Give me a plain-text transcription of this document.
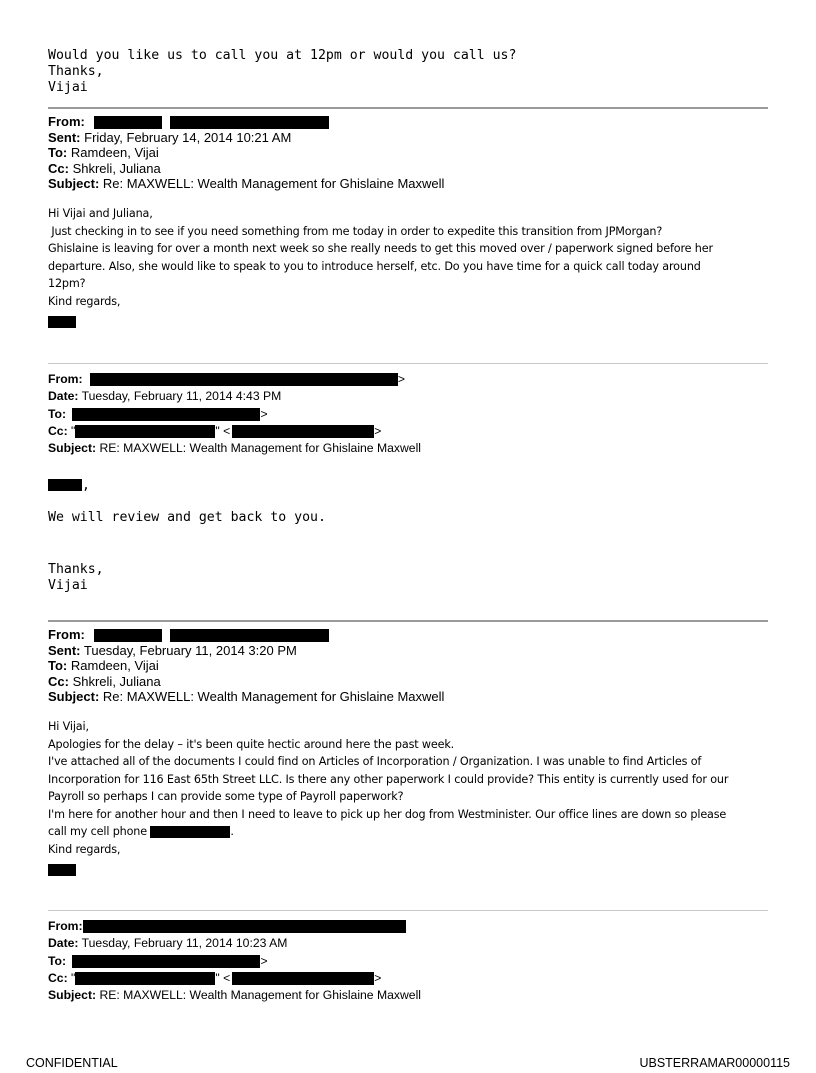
Would you like us to call you at 12pm or would you call us?
Thanks,
Vijai
From:
Sent: Friday, February 14, 2014 10:21 AM
To: Ramdeen, Vijai
Cc: Shkreli, Juliana
Subject: Re: MAXWELL: Wealth Management for Ghislaine Maxwell
Hi Vijai and Juliana,
Just checking in to see if you need something from me today in order to expedite this transition from JPMorgan?
Ghislaine is leaving for over a month next week so she really needs to get this moved over / paperwork signed before her
departure. Also, she would like to speak to you to introduce herself, etc. Do you have time for a quick call today around
12pm?
Kind regards,
From:	>
Date: Tuesday, February 11, 2014 4:43 PM
To:	>
Cc: "	" <	>
Subject: RE: MAXWELL: Wealth Management for Ghislaine Maxwell
,
We will review and get back to you.
Thanks,
Vijai
From:
Sent: Tuesday, February 11, 2014 3:20 PM
To: Ramdeen, Vijai
Cc: Shkreli, Juliana
Subject: Re: MAXWELL: Wealth Management for Ghislaine Maxwell
Hi Vijai,
Apologies for the delay – it's been quite hectic around here the past week.
I've attached all of the documents I could find on Articles of Incorporation / Organization. I was unable to find Articles of
Incorporation for 116 East 65th Street LLC. Is there any other paperwork I could provide? This entity is currently used for our
Payroll so perhaps I can provide some type of Payroll paperwork?
I'm here for another hour and then I need to leave to pick up her dog from Westminister. Our office lines are down so please
call my cell phone	.
Kind regards,
From:
Date: Tuesday, February 11, 2014 10:23 AM
To:	>
Cc: "	" <	>
Subject: RE: MAXWELL: Wealth Management for Ghislaine Maxwell
CONFIDENTIAL	UBSTERRAMAR00000115
